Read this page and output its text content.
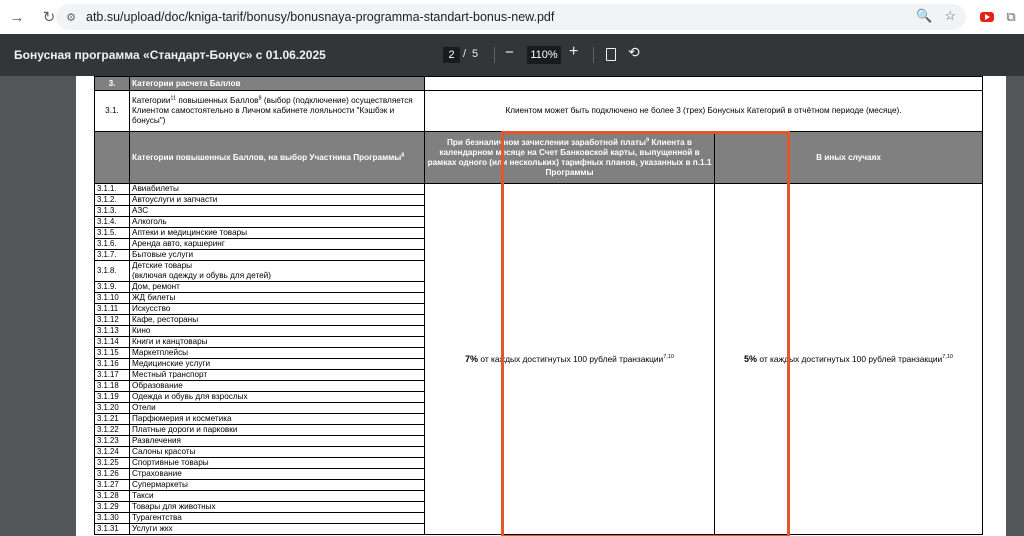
→	↻ ⚙ atb.su/upload/doc/kniga-tarif/bonusy/bonusnaya-programma-standart-bonus-new.pdf	🔍 ☆	⧉
Бонусная программа «Стандарт-Бонус» с 01.06.2025	2 / 5 −	110% +	⟲
3.	Категории расчета Баллов		
3.1.	Категории$^{11}$ повышенных Баллов$^8$ (выбор (подключение) осуществляется Клиентом самостоятельно в Личном кабинете лояльности "Кэшбэк и бонусы")	Клиентом может быть подключено не более 3 (трех) Бонусных Категорий в отчётном периоде (месяце).	
	Категории повышенных Баллов, на выбор Участника Программы$^8$	При безналичном зачислении заработной платы$^9$ Клиента в календарном месяце на Счет Банковской карты, выпущенной в рамках одного (или нескольких) тарифных планов, указанных в п.1.1 Программы	В иных случаях
3.1.1.	Авиабилеты	7% от каждых достигнутых 100 рублей транзакции$^{7,10}$	5% от каждых достигнутых 100 рублей транзакции$^{7,10}$
3.1.2.	Автоуслуги и запчасти		
3.1.3.	АЗС		
3.1.4.	Алкоголь		
3.1.5.	Аптеки и медицинские товары		
3.1.6.	Аренда авто, каршеринг		
3.1.7.	Бытовые услуги		
3.1.8.	Детские товары
(включая одежду и обувь для детей)		
3.1.9.	Дом, ремонт		
3.1.10	ЖД билеты		
3.1.11	Искусство		
3.1.12	Кафе, рестораны		
3.1.13	Кино		
3.1.14	Книги и канцтовары		
3.1.15	Маркетплейсы		
3.1.16	Медицинские услуги		
3.1.17	Местный транспорт		
3.1.18	Образование		
3.1.19	Одежда и обувь для взрослых		
3.1.20	Отели		
3.1.21	Парфюмерия и косметика		
3.1.22	Платные дороги и парковки		
3.1.23	Развлечения		
3.1.24	Салоны красоты		
3.1.25	Спортивные товары		
3.1.26	Страхование		
3.1.27	Супермаркеты		
3.1.28	Такси		
3.1.29	Товары для животных		
3.1.30	Турагентства		
3.1.31	Услуги жкх		
